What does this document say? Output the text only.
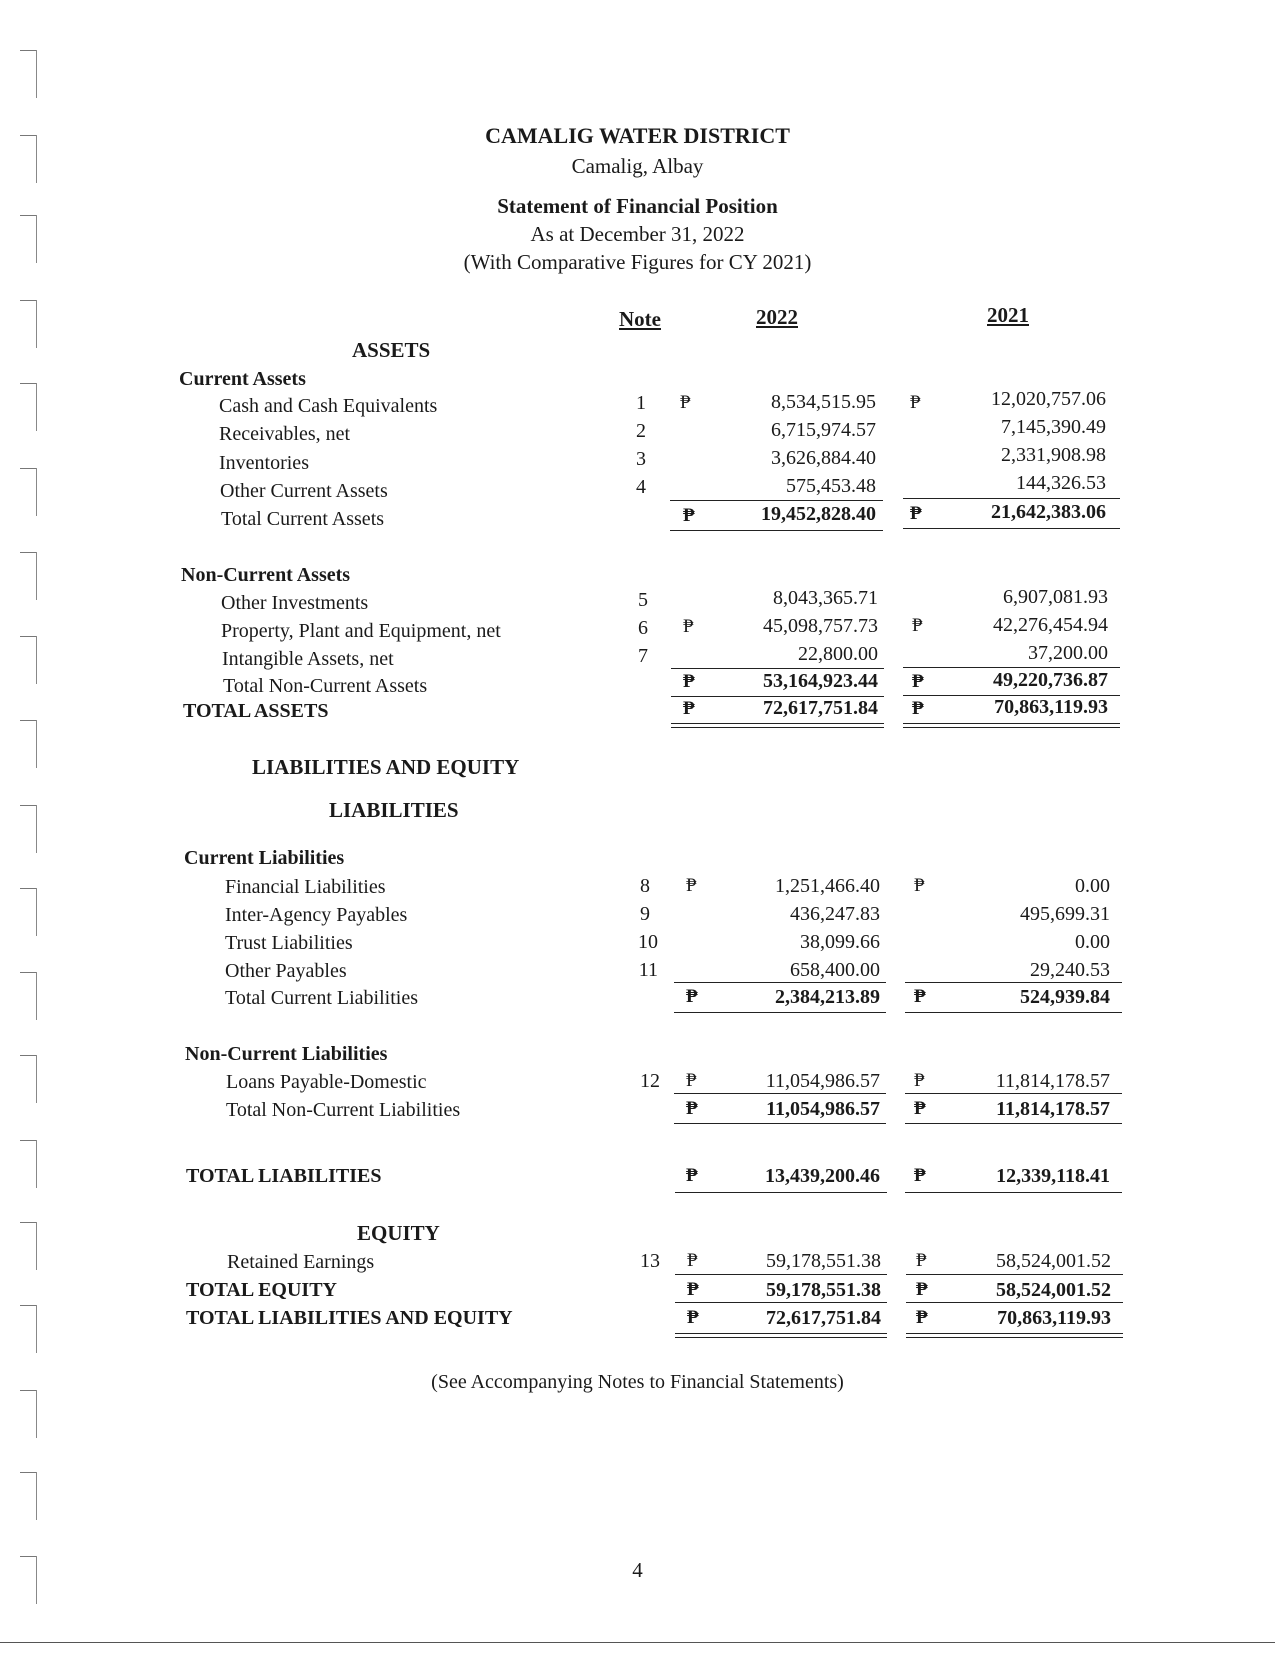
CAMALIG WATER DISTRICT
Camalig, Albay
Statement of Financial Position
As at December 31, 2022
(With Comparative Figures for CY 2021)
Note	2022	2021
ASSETS
Current Assets
Cash and Cash Equivalents	1 ₱	8,534,515.95 ₱	12,020,757.06
Receivables, net	2	6,715,974.57	7,145,390.49
Inventories	3	3,626,884.40	2,331,908.98
Other Current Assets	4	575,453.48	144,326.53
Total Current Assets	₱	19,452,828.40 ₱	21,642,383.06
Non-Current Assets
Other Investments	5	8,043,365.71	6,907,081.93
Property, Plant and Equipment, net	6 ₱	45,098,757.73 ₱	42,276,454.94
Intangible Assets, net	7	22,800.00	37,200.00
Total Non-Current Assets	₱	53,164,923.44 ₱	49,220,736.87
TOTAL ASSETS	₱	72,617,751.84 ₱	70,863,119.93
LIABILITIES AND EQUITY
LIABILITIES
Current Liabilities
Financial Liabilities	8 ₱	1,251,466.40 ₱	0.00
Inter-Agency Payables	9	436,247.83	495,699.31
Trust Liabilities	10	38,099.66	0.00
Other Payables	11	658,400.00	29,240.53
Total Current Liabilities	₱	2,384,213.89 ₱	524,939.84
Non-Current Liabilities
Loans Payable-Domestic	12 ₱	11,054,986.57 ₱	11,814,178.57
Total Non-Current Liabilities	₱	11,054,986.57 ₱	11,814,178.57
TOTAL LIABILITIES	₱	13,439,200.46 ₱	12,339,118.41
EQUITY
Retained Earnings	13 ₱	59,178,551.38 ₱	58,524,001.52
TOTAL EQUITY	₱	59,178,551.38 ₱	58,524,001.52
TOTAL LIABILITIES AND EQUITY	₱	72,617,751.84 ₱	70,863,119.93
(See Accompanying Notes to Financial Statements)
4
